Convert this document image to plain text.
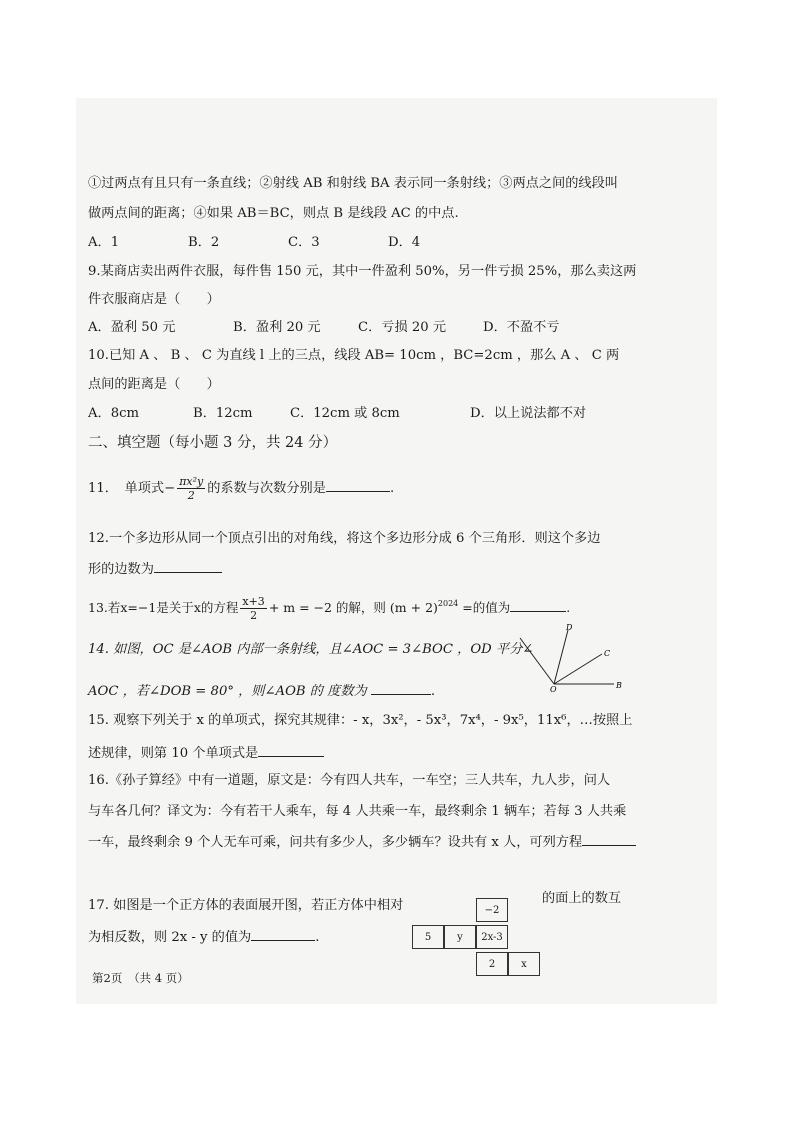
①过两点有且只有一条直线；②射线 AB 和射线 BA 表示同一条射线；③两点之间的线段叫
做两点间的距离；④如果 AB＝BC，则点 B 是线段 AC 的中点.
A．1	B．2	C．3	D．4
9.某商店卖出两件衣服，每件售 150 元，其中一件盈利 50%，另一件亏损 25%，那么卖这两
件衣服商店是（　　）
A．盈利 50 元	B．盈利 20 元	C．亏损 20 元	D．不盈不亏
10.已知 A 、 B 、 C 为直线 l 上的三点，线段 AB= 10cm ，BC=2cm ，那么 A 、 C 两
点间的距离是（　　）
A．8cm	B．12cm	C．12cm 或 8cm	D．以上说法都不对
二、填空题（每小题 3 分，共 24 分）
11．　单项式− $\frac{\text{πx²y}}{2}$ 的系数与次数分别是	.
12.一个多边形从同一个顶点引出的对角线，将这个多边形分成 6 个三角形．则这个多边
形的边数为
13.若x=−1是关于x的方程 $\frac{x+3}{2} + m = -2$ 的解，则 $(m + 2)^{2024}$ =的值为	.
14. 如图，OC 是∠AOB 内部一条射线，且∠AOC = 3∠BOC ，OD 平分∠
AOC ，若∠DOB = 80° ，则∠AOB 的 度数为	.
D
C
O	B
15. 观察下列关于 x 的单项式，探究其规律：- x，3x²，- 5x³，7x⁴，- 9x⁵，11x⁶，…按照上
述规律，则第 10 个单项式是
16.《孙子算经》中有一道题，原文是：今有四人共车，一车空；三人共车，九人步，问人
与车各几何？译文为：今有若干人乘车，每 4 人共乘一车，最终剩余 1 辆车；若每 3 人共乘
一车，最终剩余 9 个人无车可乘，问共有多少人，多少辆车？设共有 x 人，可列方程
17. 如图是一个正方体的表面展开图，若正方体中相对	的面上的数互
为相反数，则 2x - y 的值为	.
−2
5	y	2x-3
2	x
第2页　（共 4 页）
